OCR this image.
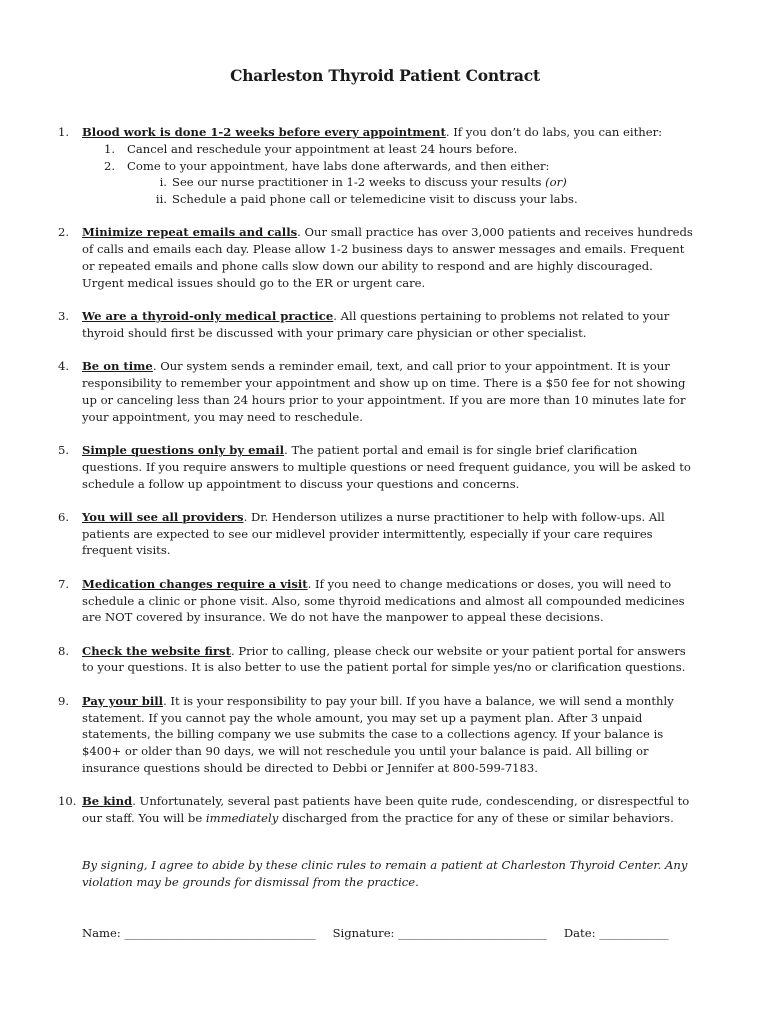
Charleston Thyroid Patient Contract
1.	Blood work is done 1-2 weeks before every appointment. If you don’t do labs, you can either:
1. Cancel and reschedule your appointment at least 24 hours before.
2. Come to your appointment, have labs done afterwards, and then either:
i. See our nurse practitioner in 1-2 weeks to discuss your results (or)
ii. Schedule a paid phone call or telemedicine visit to discuss your labs.
2.	Minimize repeat emails and calls. Our small practice has over 3,000 patients and receives hundreds of calls and emails each day. Please allow 1-2 business days to answer messages and emails. Frequent or repeated emails and phone calls slow down our ability to respond and are highly discouraged. Urgent medical issues should go to the ER or urgent care.
3.	We are a thyroid-only medical practice. All questions pertaining to problems not related to your thyroid should first be discussed with your primary care physician or other specialist.
4.	Be on time. Our system sends a reminder email, text, and call prior to your appointment. It is your responsibility to remember your appointment and show up on time. There is a $50 fee for not showing up or canceling less than 24 hours prior to your appointment. If you are more than 10 minutes late for your appointment, you may need to reschedule.
5.	Simple questions only by email. The patient portal and email is for single brief clarification questions. If you require answers to multiple questions or need frequent guidance, you will be asked to schedule a follow up appointment to discuss your questions and concerns.
6.	You will see all providers. Dr. Henderson utilizes a nurse practitioner to help with follow-ups. All patients are expected to see our midlevel provider intermittently, especially if your care requires frequent visits.
7.	Medication changes require a visit. If you need to change medications or doses, you will need to schedule a clinic or phone visit. Also, some thyroid medications and almost all compounded medicines are NOT covered by insurance. We do not have the manpower to appeal these decisions.
8.	Check the website first. Prior to calling, please check our website or your patient portal for answers to your questions. It is also better to use the patient portal for simple yes/no or clarification questions.
9.	Pay your bill. It is your responsibility to pay your bill. If you have a balance, we will send a monthly statement. If you cannot pay the whole amount, you may set up a payment plan. After 3 unpaid statements, the billing company we use submits the case to a collections agency. If your balance is $400+ or older than 90 days, we will not reschedule you until your balance is paid. All billing or insurance questions should be directed to Debbi or Jennifer at 800-599-7183.
10. Be kind. Unfortunately, several past patients have been quite rude, condescending, or disrespectful to our staff. You will be immediately discharged from the practice for any of these or similar behaviors.
By signing, I agree to abide by these clinic rules to remain a patient at Charleston Thyroid Center. Any violation may be grounds for dismissal from the practice.
Name: ____________________________________ Signature: ____________________________ Date: _____________
